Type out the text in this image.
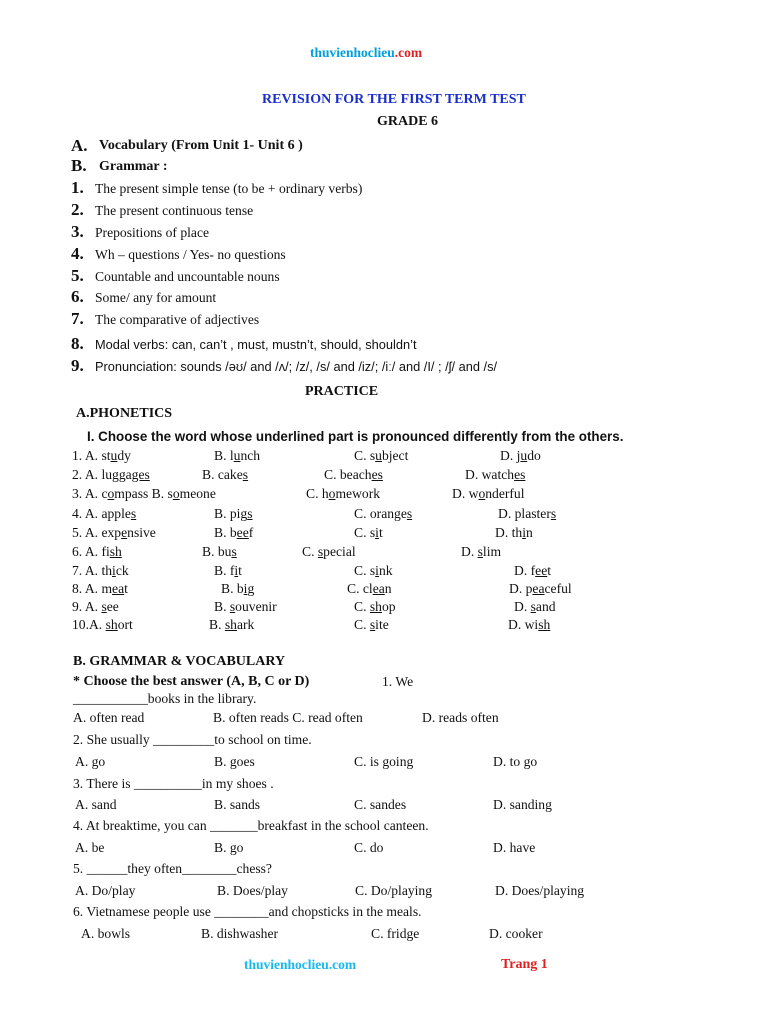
thuvienhoclieu.com
REVISION FOR THE FIRST TERM TEST
GRADE 6
A. Vocabulary (From Unit 1- Unit 6 )
B. Grammar :
1. The present simple tense (to be + ordinary verbs)
2. The present continuous tense
3. Prepositions of place
4. Wh – questions / Yes- no questions
5. Countable and uncountable nouns
6. Some/ any for amount
7. The comparative of adjectives
8. Modal verbs: can, can’t , must, mustn’t, should, shouldn’t
9. Pronunciation: sounds /əʊ/ and /ʌ/; /z/, /s/ and /iz/; /iː/ and /I/ ; /ʃ/ and /s/
PRACTICE
A.PHONETICS
I. Choose the word whose underlined part is pronounced differently from the others.
1. A. study	B. lunch	C. subject	D. judo
2. A. luggages	B. cakes	C. beaches	D. watches
3. A. compass B. someone	C. homework	D. wonderful
4. A. apples	B. pigs	C. oranges	D. plasters
5. A. expensive	B. beef	C. sit	D. thin
6. A. fish	B. bus	C. special	D. slim
7. A. thick	B. fit	C. sink	D. feet
8. A. meat	B. big	C. clean	D. peaceful
9. A. see	B. souvenir	C. shop	D. sand
10.A. short	B. shark	C. site	D. wish
B. GRAMMAR & VOCABULARY
* Choose the best answer (A, B, C or D)	1. We
___________books in the library.
A. often read	B. often reads C. read often	D. reads often
2. She usually _________to school on time.
A. go	B. goes	C. is going	D. to go
3. There is __________in my shoes .
A. sand	B. sands	C. sandes	D. sanding
4. At breaktime, you can _______breakfast in the school canteen.
A. be	B. go	C. do	D. have
5. ______they often________chess?
A. Do/play	B. Does/play	C. Do/playing	D. Does/playing
6. Vietnamese people use ________and chopsticks in the meals.
A. bowls	B. dishwasher	C. fridge	D. cooker
thuvienhoclieu.com	Trang 1
